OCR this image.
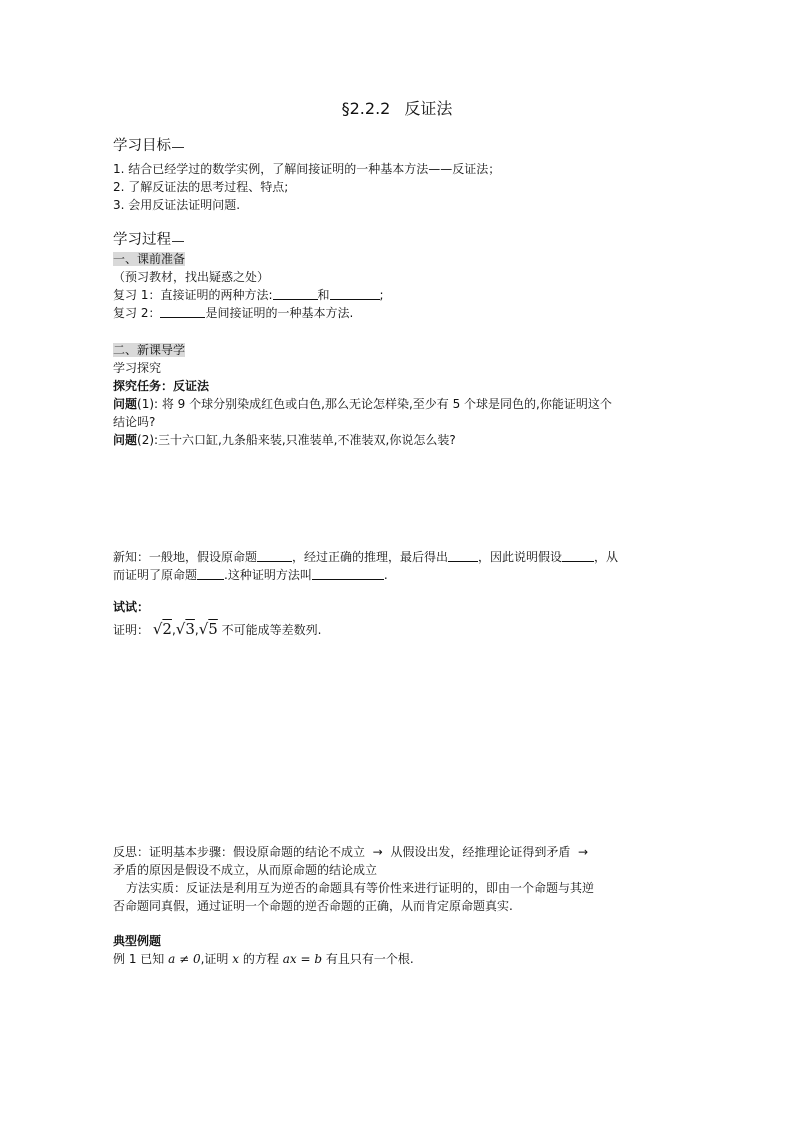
§2.2.2 反证法
学习目标
1. 结合已经学过的数学实例，了解间接证明的一种基本方法——反证法；
2. 了解反证法的思考过程、特点;
3. 会用反证法证明问题.
学习过程
一、课前准备
（预习教材，找出疑惑之处）
复习 1：直接证明的两种方法:	和	;
复习 2：	是间接证明的一种基本方法.
二、新课导学
学习探究
探究任务：反证法
问题(1): 将 9 个球分别染成红色或白色,那么无论怎样染,至少有 5 个球是同色的,你能证明这个
结论吗?
问题(2):三十六口缸,九条船来装,只准装单,不准装双,你说怎么装?
新知：一般地，假设原命题	，经过正确的推理，最后得出	，因此说明假设	，从
而证明了原命题 .这种证明方法叫	.
试试：
证明： √2,√3,√5 不可能成等差数列.
反思：证明基本步骤：假设原命题的结论不成立 → 从假设出发，经推理论证得到矛盾 →
矛盾的原因是假设不成立，从而原命题的结论成立
方法实质：反证法是利用互为逆否的命题具有等价性来进行证明的，即由一个命题与其逆
否命题同真假，通过证明一个命题的逆否命题的正确，从而肯定原命题真实.
典型例题
例 1 已知 a ≠ 0,证明 x 的方程 ax = b 有且只有一个根.
